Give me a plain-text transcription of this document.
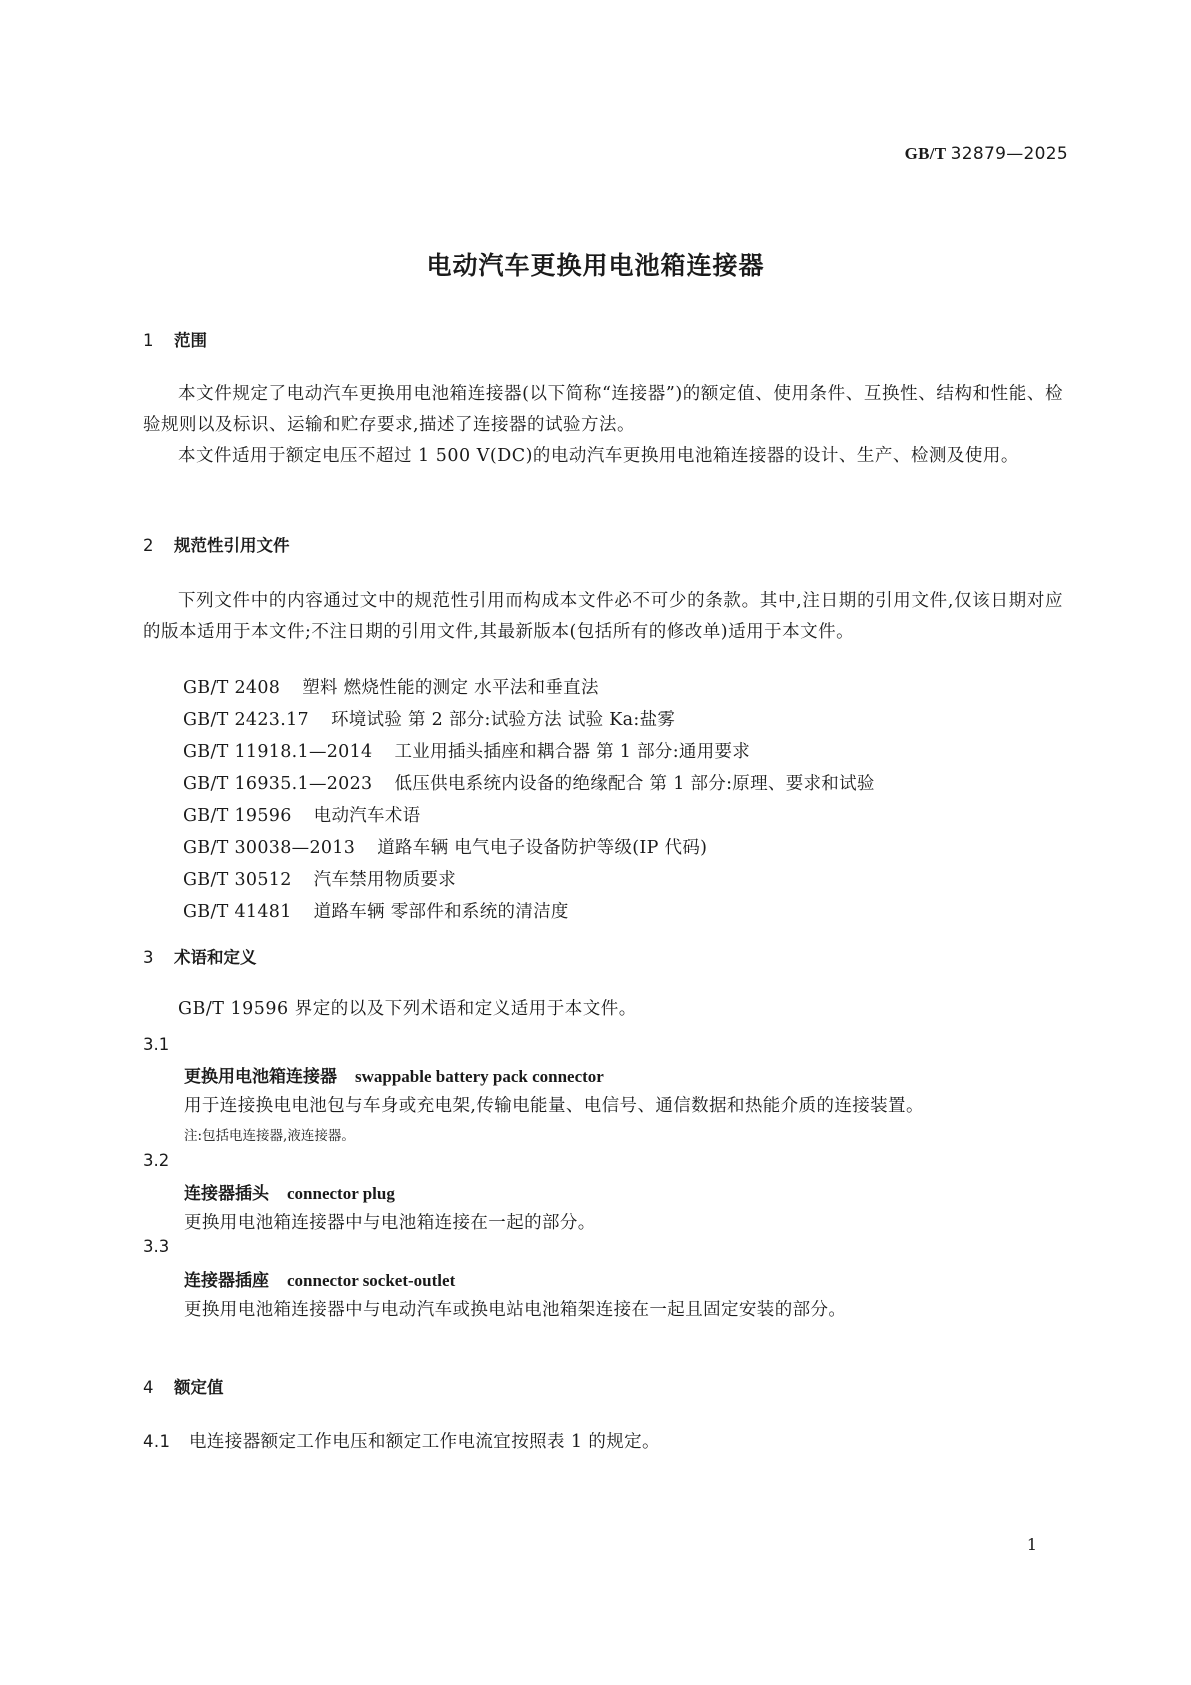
GB/T 32879—2025
电动汽车更换用电池箱连接器
1 范围
本文件规定了电动汽车更换用电池箱连接器(以下简称“连接器”)的额定值、使用条件、互换性、结构和性能、检验规则以及标识、运输和贮存要求,描述了连接器的试验方法。
本文件适用于额定电压不超过 1 500 V(DC)的电动汽车更换用电池箱连接器的设计、生产、检测及使用。
2 规范性引用文件
下列文件中的内容通过文中的规范性引用而构成本文件必不可少的条款。其中,注日期的引用文件,仅该日期对应的版本适用于本文件;不注日期的引用文件,其最新版本(包括所有的修改单)适用于本文件。
GB/T 2408 塑料 燃烧性能的测定 水平法和垂直法
GB/T 2423.17 环境试验 第 2 部分:试验方法 试验 Ka:盐雾
GB/T 11918.1—2014 工业用插头插座和耦合器 第 1 部分:通用要求
GB/T 16935.1—2023 低压供电系统内设备的绝缘配合 第 1 部分:原理、要求和试验
GB/T 19596 电动汽车术语
GB/T 30038—2013 道路车辆 电气电子设备防护等级(IP 代码)
GB/T 30512 汽车禁用物质要求
GB/T 41481 道路车辆 零部件和系统的清洁度
3 术语和定义
GB/T 19596 界定的以及下列术语和定义适用于本文件。
3.1
更换用电池箱连接器 swappable battery pack connector
用于连接换电电池包与车身或充电架,传输电能量、电信号、通信数据和热能介质的连接装置。
注:包括电连接器,液连接器。
3.2
连接器插头 connector plug
更换用电池箱连接器中与电池箱连接在一起的部分。
3.3
连接器插座 connector socket-outlet
更换用电池箱连接器中与电动汽车或换电站电池箱架连接在一起且固定安装的部分。
4 额定值
4.1 电连接器额定工作电压和额定工作电流宜按照表 1 的规定。
1
